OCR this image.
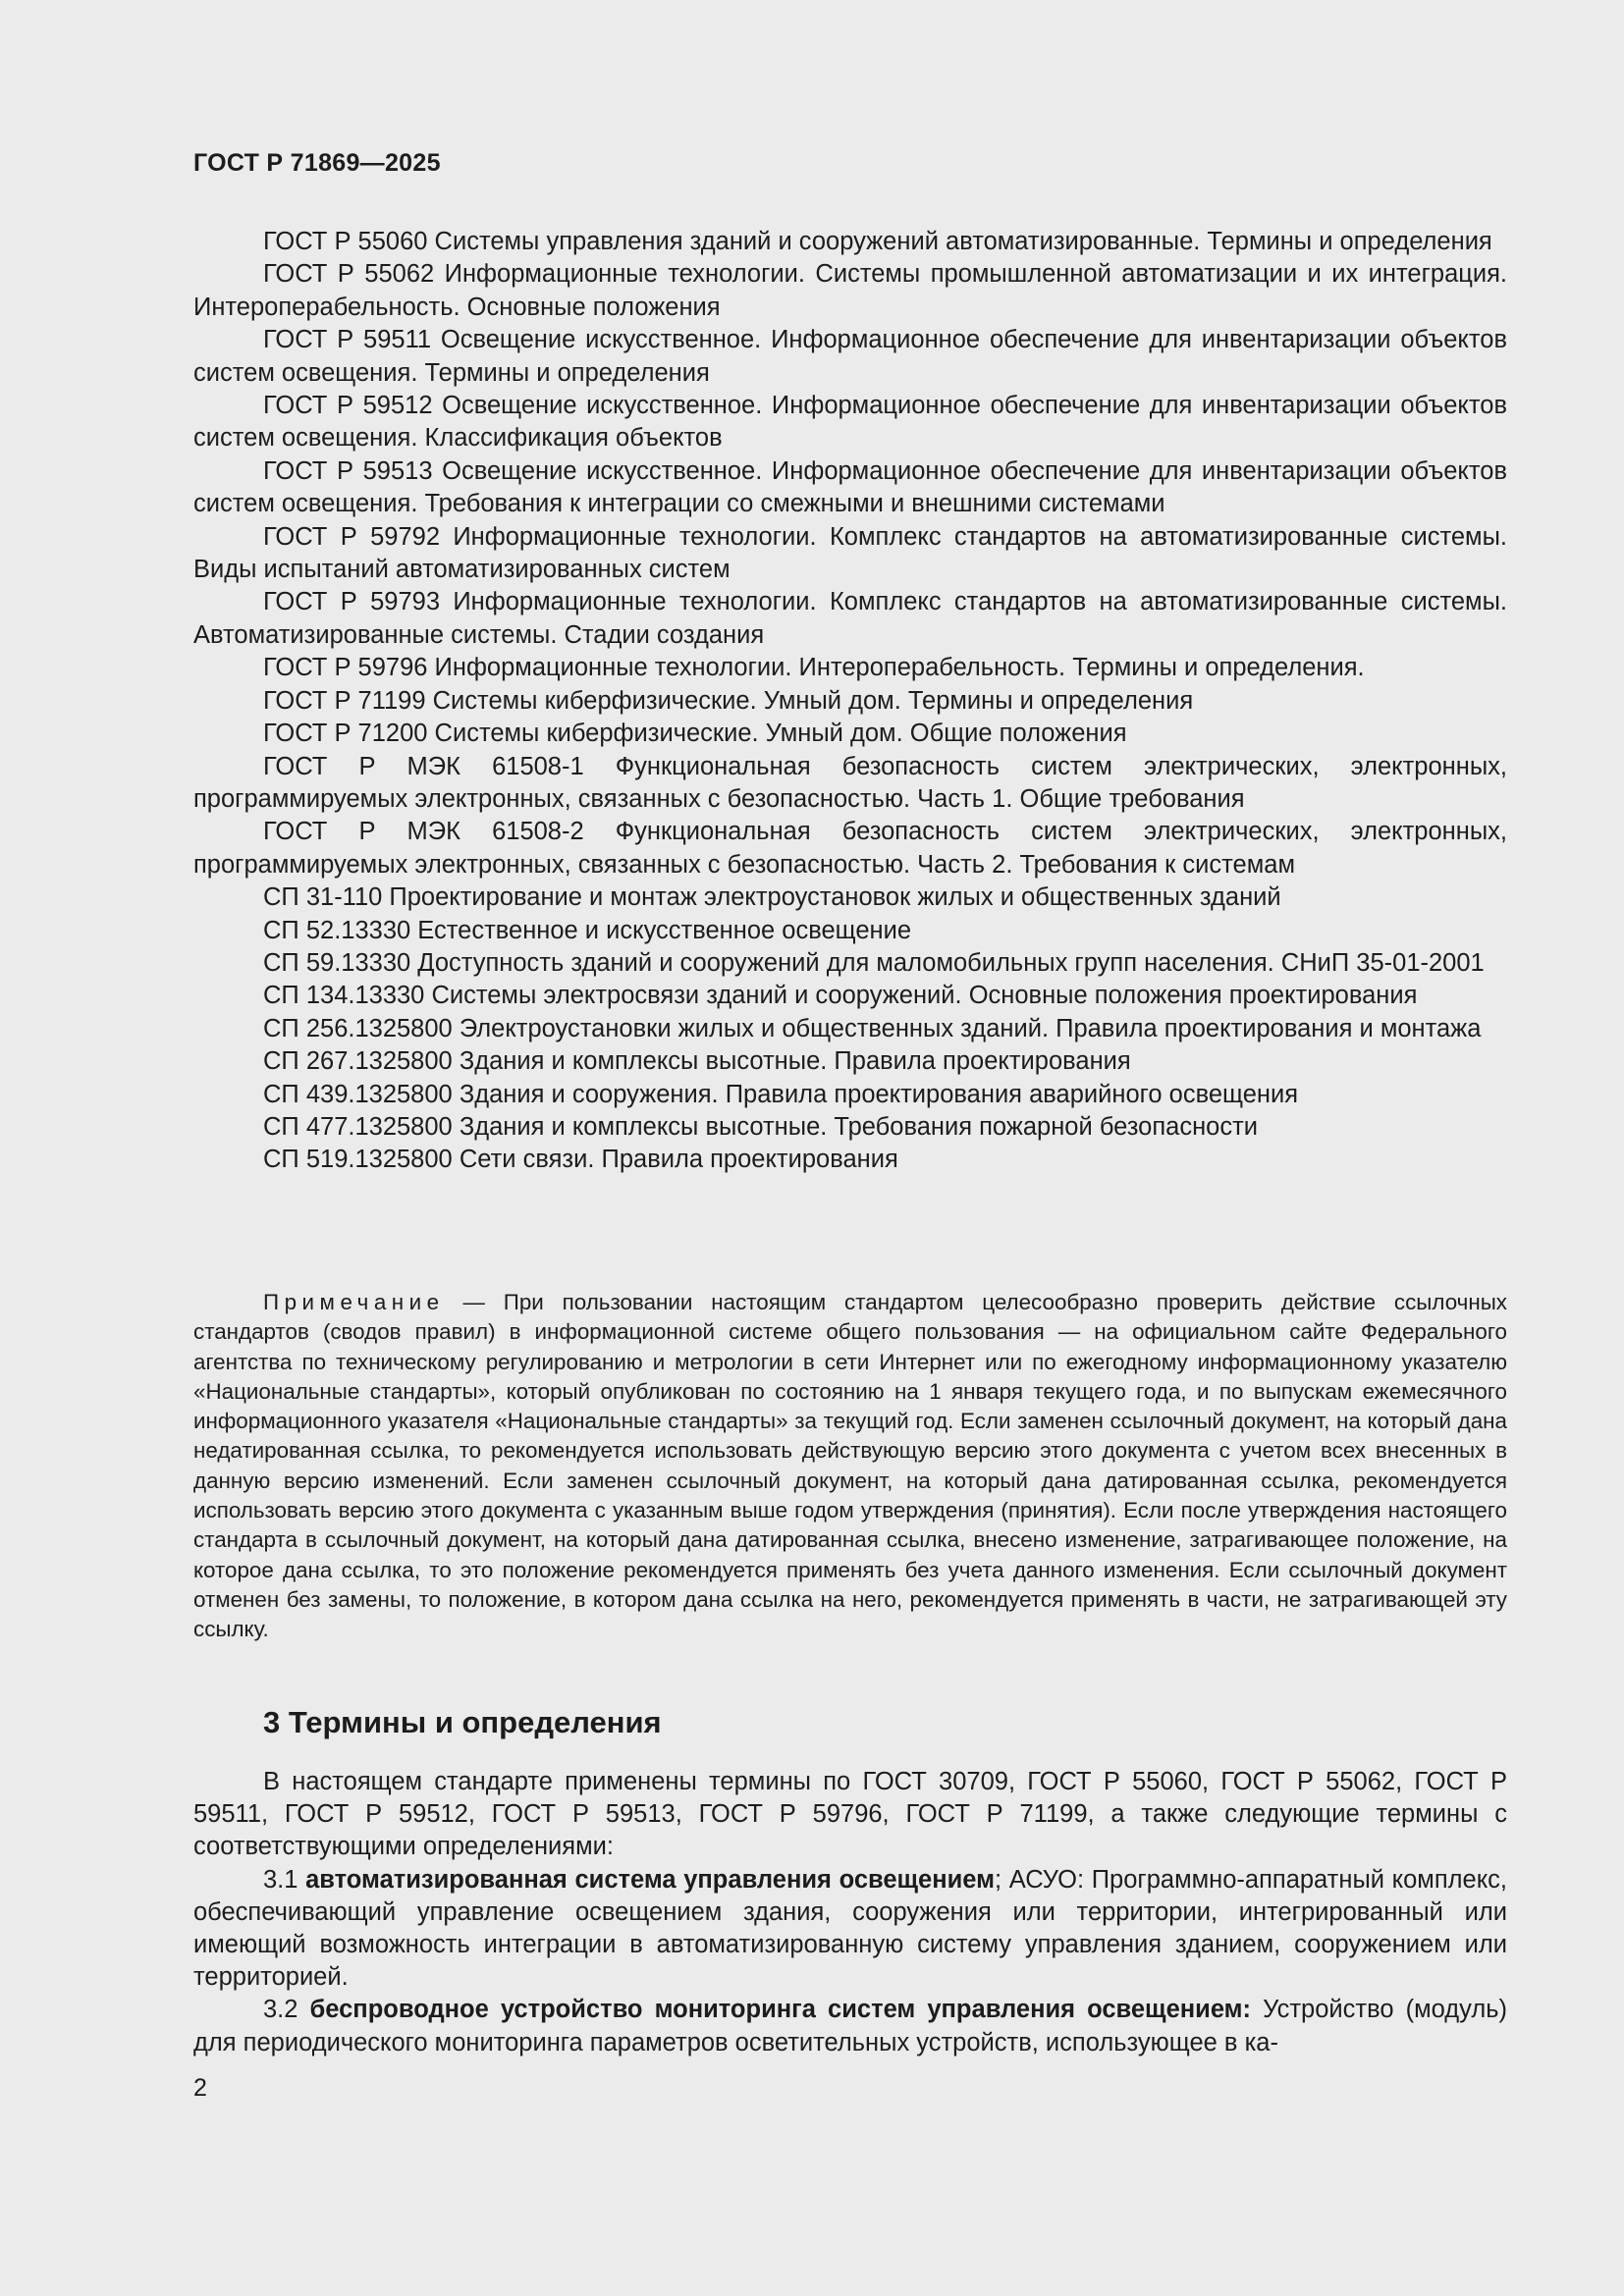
ГОСТ Р 71869—2025

ГОСТ Р 55060 Системы управления зданий и сооружений автоматизированные. Термины и определения

ГОСТ Р 55062 Информационные технологии. Системы промышленной автоматизации и их интеграция. Интероперабельность. Основные положения

ГОСТ Р 59511 Освещение искусственное. Информационное обеспечение для инвентаризации объектов систем освещения. Термины и определения

ГОСТ Р 59512 Освещение искусственное. Информационное обеспечение для инвентаризации объектов систем освещения. Классификация объектов

ГОСТ Р 59513 Освещение искусственное. Информационное обеспечение для инвентаризации объектов систем освещения. Требования к интеграции со смежными и внешними системами

ГОСТ Р 59792 Информационные технологии. Комплекс стандартов на автоматизированные системы. Виды испытаний автоматизированных систем

ГОСТ Р 59793 Информационные технологии. Комплекс стандартов на автоматизированные системы. Автоматизированные системы. Стадии создания

ГОСТ Р 59796 Информационные технологии. Интероперабельность. Термины и определения.

ГОСТ Р 71199 Системы киберфизические. Умный дом. Термины и определения

ГОСТ Р 71200 Системы киберфизические. Умный дом. Общие положения

ГОСТ Р МЭК 61508-1 Функциональная безопасность систем электрических, электронных, программируемых электронных, связанных с безопасностью. Часть 1. Общие требования

ГОСТ Р МЭК 61508-2 Функциональная безопасность систем электрических, электронных, программируемых электронных, связанных с безопасностью. Часть 2. Требования к системам

СП 31-110 Проектирование и монтаж электроустановок жилых и общественных зданий

СП 52.13330 Естественное и искусственное освещение

СП 59.13330 Доступность зданий и сооружений для маломобильных групп населения. СНиП 35-01-2001

СП 134.13330 Системы электросвязи зданий и сооружений. Основные положения проектирования

СП 256.1325800 Электроустановки жилых и общественных зданий. Правила проектирования и монтажа

СП 267.1325800 Здания и комплексы высотные. Правила проектирования

СП 439.1325800 Здания и сооружения. Правила проектирования аварийного освещения

СП 477.1325800 Здания и комплексы высотные. Требования пожарной безопасности

СП 519.1325800 Сети связи. Правила проектирования

Примечание — При пользовании настоящим стандартом целесообразно проверить действие ссылочных стандартов (сводов правил) в информационной системе общего пользования — на официальном сайте Федерального агентства по техническому регулированию и метрологии в сети Интернет или по ежегодному информационному указателю «Национальные стандарты», который опубликован по состоянию на 1 января текущего года, и по выпускам ежемесячного информационного указателя «Национальные стандарты» за текущий год. Если заменен ссылочный документ, на который дана недатированная ссылка, то рекомендуется использовать действующую версию этого документа с учетом всех внесенных в данную версию изменений. Если заменен ссылочный документ, на который дана датированная ссылка, рекомендуется использовать версию этого документа с указанным выше годом утверждения (принятия). Если после утверждения настоящего стандарта в ссылочный документ, на который дана датированная ссылка, внесено изменение, затрагивающее положение, на которое дана ссылка, то это положение рекомендуется применять без учета данного изменения. Если ссылочный документ отменен без замены, то положение, в котором дана ссылка на него, рекомендуется применять в части, не затрагивающей эту ссылку.

3 Термины и определения

В настоящем стандарте применены термины по ГОСТ 30709, ГОСТ Р 55060, ГОСТ Р 55062, ГОСТ Р 59511, ГОСТ Р 59512, ГОСТ Р 59513, ГОСТ Р 59796, ГОСТ Р 71199, а также следующие термины с соответствующими определениями:

3.1 автоматизированная система управления освещением; АСУО: Программно-аппаратный комплекс, обеспечивающий управление освещением здания, сооружения или территории, интегрированный или имеющий возможность интеграции в автоматизированную систему управления зданием, сооружением или территорией.

3.2 беспроводное устройство мониторинга систем управления освещением: Устройство (модуль) для периодического мониторинга параметров осветительных устройств, использующее в ка-

2
